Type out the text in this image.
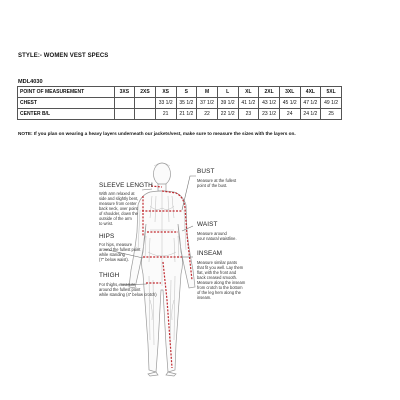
STYLE:- WOMEN VEST SPECS
MDL4030
POINT OF MEASUREMENT	3XS	2XS	XS	S	M	L	XL	2XL	3XL	4XL	5XL
CHEST			33 1/2	35 1/2	37 1/2	39 1/2	41 1/2	43 1/2	45 1/2	47 1/2	49 1/2
CENTER B/L			21	21 1/2	22	22 1/2	23	23 1/2	24	24 1/2	25
NOTE: If you plan on wearing a heavy layers underneath our jackets/vest, make sure to measure the sizes with the layers on.
SLEEVE LENGTH
With arm relaxed at
side and slightly bent,
measure from center
back neck, over point
of shoulder, down the
outside of the arm
to wrist.
HIPS
For hips, measure
around the fullest point
while standing
(7" below waist).
THIGH
For thighs, measure
around the fullest point
while standing (4" below crotch)
BUST
Measure at the fullest
point of the bust.
WAIST
Measure around
your natural waistline.
INSEAM
Measure similar pants
that fit you well. Lay them
flat, with the front and
back creased smooth.
Measure along the inseam
from crotch to the bottom
of the leg hem along the
inseam.
